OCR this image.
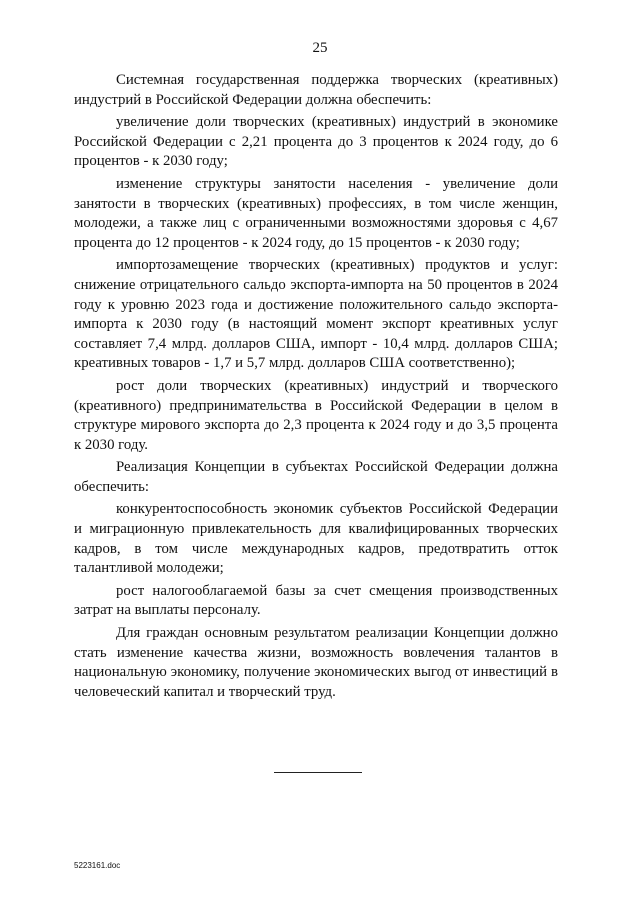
25

Системная государственная поддержка творческих (креативных) индустрий в Российской Федерации должна обеспечить:

увеличение доли творческих (креативных) индустрий в экономике Российской Федерации с 2,21 процента до 3 процентов к 2024 году, до 6 процентов - к 2030 году;

изменение структуры занятости населения - увеличение доли занятости в творческих (креативных) профессиях, в том числе женщин, молодежи, а также лиц с ограниченными возможностями здоровья с 4,67 процента до 12 процентов - к 2024 году, до 15 процентов - к 2030 году;

импортозамещение творческих (креативных) продуктов и услуг: снижение отрицательного сальдо экспорта-импорта на 50 процентов в 2024 году к уровню 2023 года и достижение положительного сальдо экспорта-импорта к 2030 году (в настоящий момент экспорт креативных услуг составляет 7,4 млрд. долларов США, импорт - 10,4 млрд. долларов США; креативных товаров - 1,7 и 5,7 млрд. долларов США соответственно);

рост доли творческих (креативных) индустрий и творческого (креативного) предпринимательства в Российской Федерации в целом в структуре мирового экспорта до 2,3 процента к 2024 году и до 3,5 процента к 2030 году.

Реализация Концепции в субъектах Российской Федерации должна обеспечить:

конкурентоспособность экономик субъектов Российской Федерации и миграционную привлекательность для квалифицированных творческих кадров, в том числе международных кадров, предотвратить отток талантливой молодежи;

рост налогооблагаемой базы за счет смещения производственных затрат на выплаты персоналу.

Для граждан основным результатом реализации Концепции должно стать изменение качества жизни, возможность вовлечения талантов в национальную экономику, получение экономических выгод от инвестиций в человеческий капитал и творческий труд.

5223161.doc
